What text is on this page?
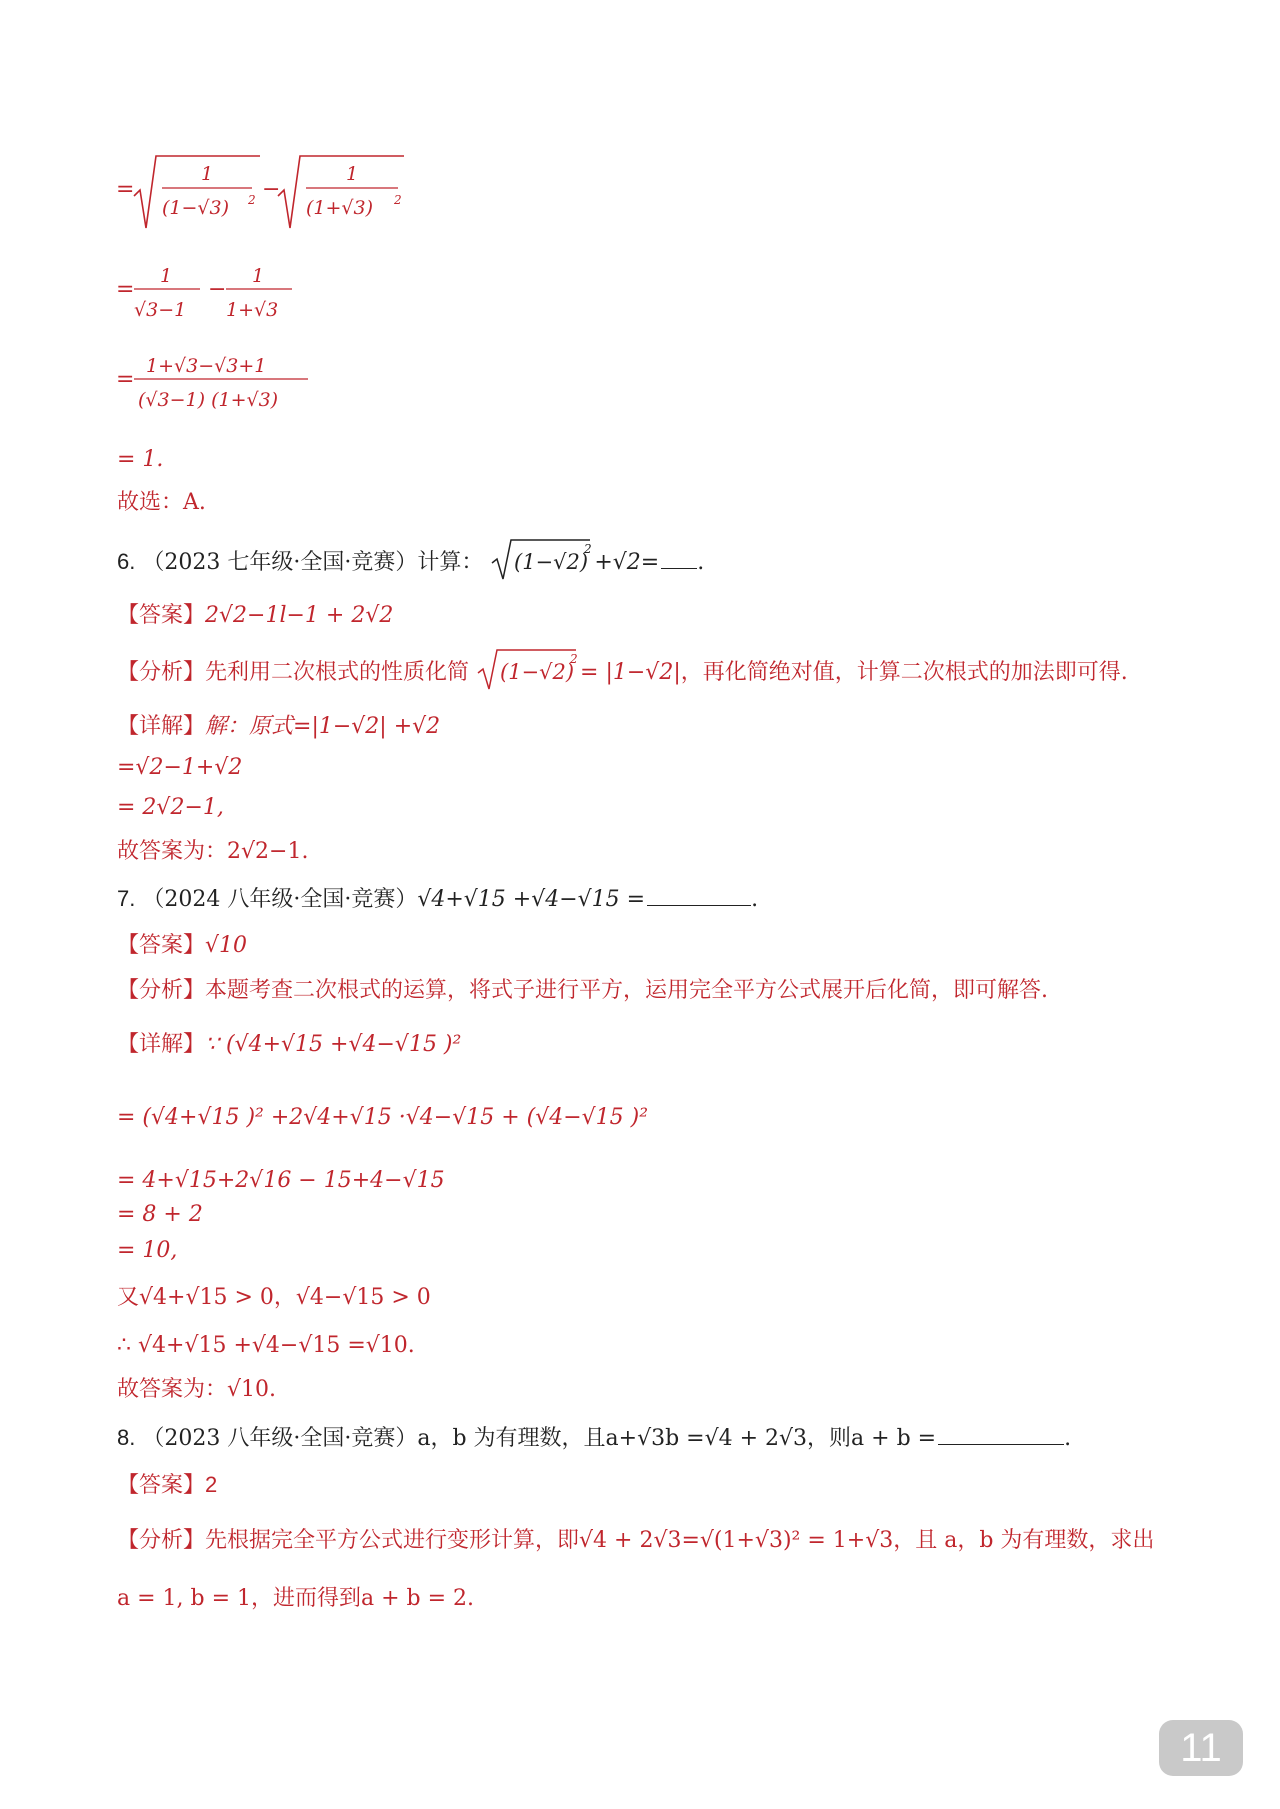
=
1
(1−√3) 2 −
1
(1+√3) 2
=
1
√3−1
−
1
1+√3
=
1+√3−√3+1
(√3−1) (1+√3)
= 1.
故选：A.
6. （2023 七年级·全国·竞赛）计算： (1−√2)
2
+√2= .
【答案】2√2−1l−1 + 2√2
【分析】先利用二次根式的性质化简 (1−√2)
2
= |1−√2|，再化简绝对值，计算二次根式的加法即可得.
【详解】解：原式=|1−√2| +√2
=√2−1+√2
= 2√2−1,
故答案为：2√2−1.
7. （2024 八年级·全国·竞赛）√4+√15 +√4−√15 =	.
【答案】√10
【分析】本题考查二次根式的运算，将式子进行平方，运用完全平方公式展开后化简，即可解答.
【详解】∵ (√4+√15 +√4−√15 )²
= (√4+√15 )² +2√4+√15 ·√4−√15 + (√4−√15 )²
= 4+√15+2√16 − 15+4−√15
= 8 + 2
= 10,
又√4+√15 > 0，√4−√15 > 0
∴ √4+√15 +√4−√15 =√10.
故答案为：√10.
8. （2023 八年级·全国·竞赛）a，b 为有理数，且a+√3b =√4 + 2√3，则a + b =	.
【答案】2
【分析】先根据完全平方公式进行变形计算，即√4 + 2√3=√(1+√3)² = 1+√3，且 a，b 为有理数，求出
a = 1, b = 1，进而得到a + b = 2.
11
